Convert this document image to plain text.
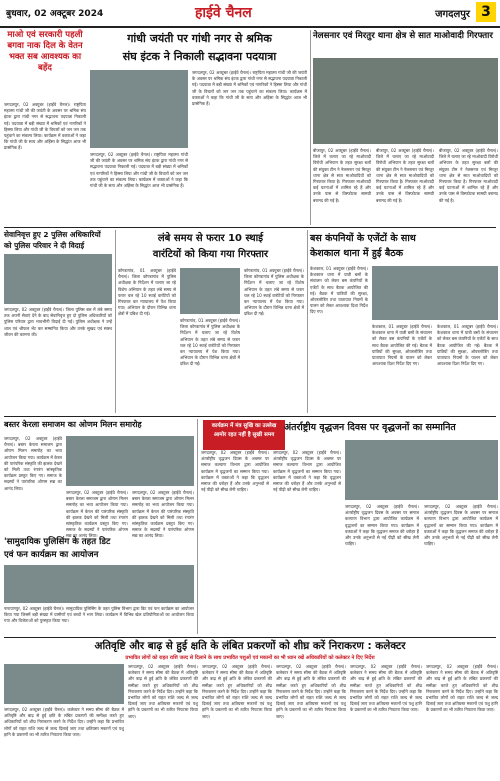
बुधवार, 02 अक्टूबर 2024	हाईवे चैनल	जगदलपुर 3
माओ एवं सरकारी पहली बगवा नाक दिल के वेतन भक्त सब आवश्यक का बहेंद
गांधी जयंती पर गांधी नगर से श्रमिक
संघ इंटक ने निकाली सद्भावना पदयात्रा
जगदलपुर, 02 अक्टूबर (हाईवे चैनल)। राष्ट्रपिता महात्मा गांधी जी की जयंती के अवसर पर श्रमिक संघ इंटक द्वारा गांधी नगर से सद्भावना पदयात्रा निकाली गई। पदयात्रा में बड़ी संख्या में श्रमिकों एवं नागरिकों ने हिस्सा लिया और गांधी जी के विचारों को जन जन तक पहुंचाने का संकल्प लिया। कार्यक्रम में वक्ताओं ने कहा कि गांधी जी के सत्य और अहिंसा के सिद्धांत आज भी प्रासंगिक हैं।
जगदलपुर, 02 अक्टूबर (हाईवे चैनल)। राष्ट्रपिता महात्मा गांधी जी की जयंती के अवसर पर श्रमिक संघ इंटक द्वारा गांधी नगर से सद्भावना पदयात्रा निकाली गई। पदयात्रा में बड़ी संख्या में श्रमिकों एवं नागरिकों ने हिस्सा लिया और गांधी जी के विचारों को जन जन तक पहुंचाने का संकल्प लिया। कार्यक्रम में वक्ताओं ने कहा कि गांधी जी के सत्य और अहिंसा के सिद्धांत आज भी प्रासंगिक हैं।
जगदलपुर, 02 अक्टूबर (हाईवे चैनल)। राष्ट्रपिता महात्मा गांधी जी की जयंती के अवसर पर श्रमिक संघ इंटक द्वारा गांधी नगर से सद्भावना पदयात्रा निकाली गई। पदयात्रा में बड़ी संख्या में श्रमिकों एवं नागरिकों ने हिस्सा लिया और गांधी जी के विचारों को जन जन तक पहुंचाने का संकल्प लिया। कार्यक्रम में वक्ताओं ने कहा कि गांधी जी के सत्य और अहिंसा के सिद्धांत आज भी प्रासंगिक हैं।
नेलसनार एवं मिरतुर थाना क्षेत्र से सात माओवादी गिरफ्तार
बीजापुर, 02 अक्टूबर (हाईवे चैनल)। जिले में चलाए जा रहे माओवादी विरोधी अभियान के तहत सुरक्षा बलों की संयुक्त टीम ने नेलसनार एवं मिरतुर थाना क्षेत्र से सात माओवादियों को गिरफ्तार किया है। गिरफ्तार माओवादी कई घटनाओं में शामिल रहे हैं और उनके पास से विस्फोटक सामग्री बरामद की गई है।
बीजापुर, 02 अक्टूबर (हाईवे चैनल)। जिले में चलाए जा रहे माओवादी विरोधी अभियान के तहत सुरक्षा बलों की संयुक्त टीम ने नेलसनार एवं मिरतुर थाना क्षेत्र से सात माओवादियों को गिरफ्तार किया है। गिरफ्तार माओवादी कई घटनाओं में शामिल रहे हैं और उनके पास से विस्फोटक सामग्री बरामद की गई है।
बीजापुर, 02 अक्टूबर (हाईवे चैनल)। जिले में चलाए जा रहे माओवादी विरोधी अभियान के तहत सुरक्षा बलों की संयुक्त टीम ने नेलसनार एवं मिरतुर थाना क्षेत्र से सात माओवादियों को गिरफ्तार किया है। गिरफ्तार माओवादी कई घटनाओं में शामिल रहे हैं और उनके पास से विस्फोटक सामग्री बरामद की गई है।
सेवानिवृत्त हुए 2 पुलिस अधिकारियों
को पुलिस परिवार ने दी विदाई
जगदलपुर, 02 अक्टूबर (हाईवे चैनल)। जिला पुलिस बल में लंबे समय तक अपनी सेवाएं देने के बाद सेवानिवृत्त हुए दो पुलिस अधिकारियों को पुलिस परिवार द्वारा भावभीनी विदाई दी गई। पुलिस अधीक्षक ने उन्हें शाल एवं श्रीफल भेंट कर सम्मानित किया और उनके सुखद एवं स्वस्थ जीवन की कामना की।
लंबे समय से फरार 10 स्थाई
वारंटियों को किया गया गिरफ्तार
कोण्डागांव, 01 अक्टूबर (हाईवे चैनल)। जिला कोण्डागांव में पुलिस अधीक्षक के निर्देशन में चलाए जा रहे विशेष अभियान के तहत लंबे समय से फरार चल रहे 10 स्थाई वारंटियों को गिरफ्तार कर न्यायालय में पेश किया गया। अभियान के दौरान विभिन्न थाना क्षेत्रों में दबिश दी गई।
कोण्डागांव, 01 अक्टूबर (हाईवे चैनल)। जिला कोण्डागांव में पुलिस अधीक्षक के निर्देशन में चलाए जा रहे विशेष अभियान के तहत लंबे समय से फरार चल रहे 10 स्थाई वारंटियों को गिरफ्तार कर न्यायालय में पेश किया गया। अभियान के दौरान विभिन्न थाना क्षेत्रों में दबिश दी गई।
कोण्डागांव, 01 अक्टूबर (हाईवे चैनल)। जिला कोण्डागांव में पुलिस अधीक्षक के निर्देशन में चलाए जा रहे विशेष अभियान के तहत लंबे समय से फरार चल रहे 10 स्थाई वारंटियों को गिरफ्तार कर न्यायालय में पेश किया गया। अभियान के दौरान विभिन्न थाना क्षेत्रों में दबिश दी गई।
बस कंपनियों के एजेंटों के साथ
केशकाल थाना में हुई बैठक
केशकाल, 01 अक्टूबर (हाईवे चैनल)। केशकाल थाना में यात्री बसों के संचालन को लेकर बस कंपनियों के एजेंटों के साथ बैठक आयोजित की गई। बैठक में यात्रियों की सुरक्षा, ओवरलोडिंग तथा यातायात नियमों के पालन को लेकर आवश्यक दिशा निर्देश दिए गए।
केशकाल, 01 अक्टूबर (हाईवे चैनल)। केशकाल थाना में यात्री बसों के संचालन को लेकर बस कंपनियों के एजेंटों के साथ बैठक आयोजित की गई। बैठक में यात्रियों की सुरक्षा, ओवरलोडिंग तथा यातायात नियमों के पालन को लेकर आवश्यक दिशा निर्देश दिए गए।
केशकाल, 01 अक्टूबर (हाईवे चैनल)। केशकाल थाना में यात्री बसों के संचालन को लेकर बस कंपनियों के एजेंटों के साथ बैठक आयोजित की गई। बैठक में यात्रियों की सुरक्षा, ओवरलोडिंग तथा यातायात नियमों के पालन को लेकर आवश्यक दिशा निर्देश दिए गए।
बस्तर केरला समाजम का ओणम मिलन समारोह
जगदलपुर, 02 अक्टूबर (हाईवे चैनल)। बस्तर केरला समाजम द्वारा ओणम मिलन समारोह का भव्य आयोजन किया गया। कार्यक्रम में केरल की पारंपरिक संस्कृति की झलक देखने को मिली तथा रंगारंग सांस्कृतिक कार्यक्रम प्रस्तुत किए गए। समाज के सदस्यों ने पारंपरिक ओणम सद्य का आनंद लिया।
जगदलपुर, 02 अक्टूबर (हाईवे चैनल)। बस्तर केरला समाजम द्वारा ओणम मिलन समारोह का भव्य आयोजन किया गया। कार्यक्रम में केरल की पारंपरिक संस्कृति की झलक देखने को मिली तथा रंगारंग सांस्कृतिक कार्यक्रम प्रस्तुत किए गए। समाज के सदस्यों ने पारंपरिक ओणम सद्य का आनंद लिया।
जगदलपुर, 02 अक्टूबर (हाईवे चैनल)। बस्तर केरला समाजम द्वारा ओणम मिलन समारोह का भव्य आयोजन किया गया। कार्यक्रम में केरल की पारंपरिक संस्कृति की झलक देखने को मिली तथा रंगारंग सांस्कृतिक कार्यक्रम प्रस्तुत किए गए। समाज के सदस्यों ने पारंपरिक ओणम सद्य का आनंद लिया।
'सामुदायिक पुलिसिंग के तहत डिट
एवं फन कार्यक्रम का आयोजन
नारायणपुर, 02 अक्टूबर (हाईवे चैनल)। सामुदायिक पुलिसिंग के तहत पुलिस विभाग द्वारा डिट एवं फन कार्यक्रम का आयोजन किया गया जिसमें बड़ी संख्या में ग्रामीणों एवं बच्चों ने भाग लिया। कार्यक्रम में विभिन्न खेल प्रतियोगिताओं का आयोजन किया गया और विजेताओं को पुरस्कृत किया गया।
कार्यक्रम में मंत्र सुखि का उल्लेख आमोर रहत नहीं है सुखी समय
अंतर्राष्ट्रीय वृद्धजन दिवस पर वृद्धजनों का सम्मानित
जगदलपुर, 02 अक्टूबर (हाईवे चैनल)। अंतर्राष्ट्रीय वृद्धजन दिवस के अवसर पर समाज कल्याण विभाग द्वारा आयोजित कार्यक्रम में वृद्धजनों का सम्मान किया गया। कार्यक्रम में वक्ताओं ने कहा कि वृद्धजन समाज की धरोहर हैं और उनके अनुभवों से नई पीढ़ी को सीख लेनी चाहिए।
जगदलपुर, 02 अक्टूबर (हाईवे चैनल)। अंतर्राष्ट्रीय वृद्धजन दिवस के अवसर पर समाज कल्याण विभाग द्वारा आयोजित कार्यक्रम में वृद्धजनों का सम्मान किया गया। कार्यक्रम में वक्ताओं ने कहा कि वृद्धजन समाज की धरोहर हैं और उनके अनुभवों से नई पीढ़ी को सीख लेनी चाहिए।
जगदलपुर, 02 अक्टूबर (हाईवे चैनल)। अंतर्राष्ट्रीय वृद्धजन दिवस के अवसर पर समाज कल्याण विभाग द्वारा आयोजित कार्यक्रम में वृद्धजनों का सम्मान किया गया। कार्यक्रम में वक्ताओं ने कहा कि वृद्धजन समाज की धरोहर हैं और उनके अनुभवों से नई पीढ़ी को सीख लेनी चाहिए।
जगदलपुर, 02 अक्टूबर (हाईवे चैनल)। अंतर्राष्ट्रीय वृद्धजन दिवस के अवसर पर समाज कल्याण विभाग द्वारा आयोजित कार्यक्रम में वृद्धजनों का सम्मान किया गया। कार्यक्रम में वक्ताओं ने कहा कि वृद्धजन समाज की धरोहर हैं और उनके अनुभवों से नई पीढ़ी को सीख लेनी चाहिए।
अतिवृष्टि और बाढ़ से हुई क्षति के लंबित प्रकरणों को शीघ्र करें निराकरण : कलेक्टर
प्रभावित लोगों को राहत राशि जल्द से दिलाने के साथ प्रभावित पशुओं एवं मकानों का भी ध्यान रखें अधिकारियों को कलेक्टर ने दिए निर्देश
जगदलपुर, 02 अक्टूबर (हाईवे चैनल)। कलेक्टर ने समय सीमा की बैठक में अतिवृष्टि और बाढ़ से हुई क्षति के लंबित प्रकरणों की समीक्षा करते हुए अधिकारियों को शीघ्र निराकरण करने के निर्देश दिए। उन्होंने कहा कि प्रभावित लोगों को राहत राशि जल्द से जल्द दिलाई जाए तथा क्षतिग्रस्त मकानों एवं पशु हानि के प्रकरणों का भी त्वरित निपटारा किया जाए।
जगदलपुर, 02 अक्टूबर (हाईवे चैनल)। कलेक्टर ने समय सीमा की बैठक में अतिवृष्टि और बाढ़ से हुई क्षति के लंबित प्रकरणों की समीक्षा करते हुए अधिकारियों को शीघ्र निराकरण करने के निर्देश दिए। उन्होंने कहा कि प्रभावित लोगों को राहत राशि जल्द से जल्द दिलाई जाए तथा क्षतिग्रस्त मकानों एवं पशु हानि के प्रकरणों का भी त्वरित निपटारा किया जाए।
जगदलपुर, 02 अक्टूबर (हाईवे चैनल)। कलेक्टर ने समय सीमा की बैठक में अतिवृष्टि और बाढ़ से हुई क्षति के लंबित प्रकरणों की समीक्षा करते हुए अधिकारियों को शीघ्र निराकरण करने के निर्देश दिए। उन्होंने कहा कि प्रभावित लोगों को राहत राशि जल्द से जल्द दिलाई जाए तथा क्षतिग्रस्त मकानों एवं पशु हानि के प्रकरणों का भी त्वरित निपटारा किया जाए।
जगदलपुर, 02 अक्टूबर (हाईवे चैनल)। कलेक्टर ने समय सीमा की बैठक में अतिवृष्टि और बाढ़ से हुई क्षति के लंबित प्रकरणों की समीक्षा करते हुए अधिकारियों को शीघ्र निराकरण करने के निर्देश दिए। उन्होंने कहा कि प्रभावित लोगों को राहत राशि जल्द से जल्द दिलाई जाए तथा क्षतिग्रस्त मकानों एवं पशु हानि के प्रकरणों का भी त्वरित निपटारा किया जाए।
जगदलपुर, 02 अक्टूबर (हाईवे चैनल)। कलेक्टर ने समय सीमा की बैठक में अतिवृष्टि और बाढ़ से हुई क्षति के लंबित प्रकरणों की समीक्षा करते हुए अधिकारियों को शीघ्र निराकरण करने के निर्देश दिए। उन्होंने कहा कि प्रभावित लोगों को राहत राशि जल्द से जल्द दिलाई जाए तथा क्षतिग्रस्त मकानों एवं पशु हानि के प्रकरणों का भी त्वरित निपटारा किया जाए।
जगदलपुर, 02 अक्टूबर (हाईवे चैनल)। कलेक्टर ने समय सीमा की बैठक में अतिवृष्टि और बाढ़ से हुई क्षति के लंबित प्रकरणों की समीक्षा करते हुए अधिकारियों को शीघ्र निराकरण करने के निर्देश दिए। उन्होंने कहा कि प्रभावित लोगों को राहत राशि जल्द से जल्द दिलाई जाए तथा क्षतिग्रस्त मकानों एवं पशु हानि के प्रकरणों का भी त्वरित निपटारा किया जाए।
